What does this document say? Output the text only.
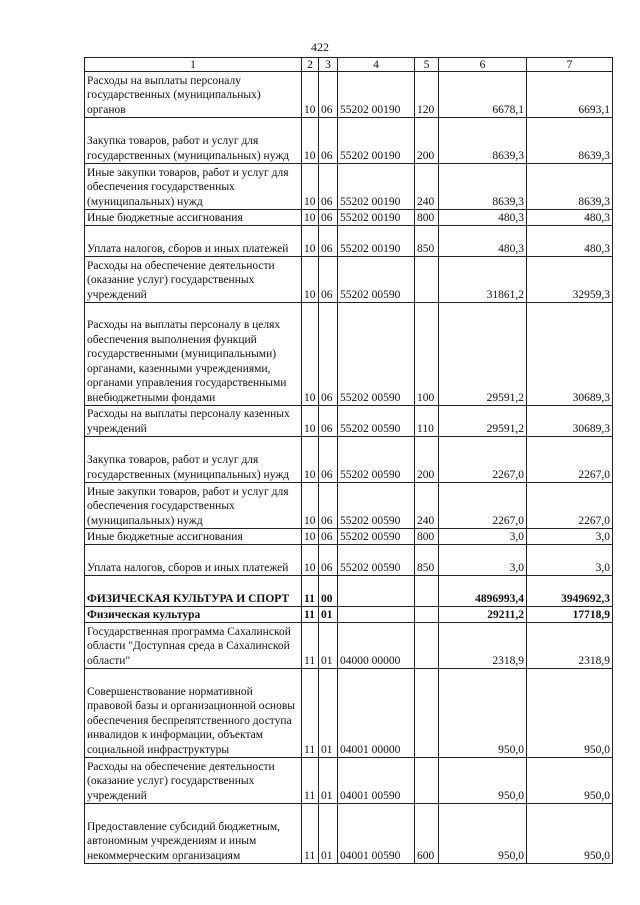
422
1	2	3	4	5	6	7
Расходы на выплаты персоналу государственных (муниципальных) органов	10	06	55202 00190	120	6678,1	6693,1
Закупка товаров, работ и услуг для государственных (муниципальных) нужд	10	06	55202 00190	200	8639,3	8639,3
Иные закупки товаров, работ и услуг для обеспечения государственных (муниципальных) нужд	10	06	55202 00190	240	8639,3	8639,3
Иные бюджетные ассигнования	10	06	55202 00190	800	480,3	480,3
Уплата налогов, сборов и иных платежей	10	06	55202 00190	850	480,3	480,3
Расходы на обеспечение деятельности (оказание услуг) государственных учреждений	10	06	55202 00590		31861,2	32959,3
Расходы на выплаты персоналу в целях обеспечения выполнения функций государственными (муниципальными) органами, казенными учреждениями, органами управления государственными внебюджетными фондами	10	06	55202 00590	100	29591,2	30689,3
Расходы на выплаты персоналу казенных учреждений	10	06	55202 00590	110	29591,2	30689,3
Закупка товаров, работ и услуг для государственных (муниципальных) нужд	10	06	55202 00590	200	2267,0	2267,0
Иные закупки товаров, работ и услуг для обеспечения государственных (муниципальных) нужд	10	06	55202 00590	240	2267,0	2267,0
Иные бюджетные ассигнования	10	06	55202 00590	800	3,0	3,0
Уплата налогов, сборов и иных платежей	10	06	55202 00590	850	3,0	3,0
ФИЗИЧЕСКАЯ КУЛЬТУРА И СПОРТ	11	00			4896993,4	3949692,3
Физическая культура	11	01			29211,2	17718,9
Государственная программа Сахалинской области "Доступная среда в Сахалинской области"	11	01	04000 00000		2318,9	2318,9
Совершенствование нормативной правовой базы и организационной основы обеспечения беспрепятственного доступа инвалидов к информации, объектам социальной инфраструктуры	11	01	04001 00000		950,0	950,0
Расходы на обеспечение деятельности (оказание услуг) государственных учреждений	11	01	04001 00590		950,0	950,0
Предоставление субсидий бюджетным, автономным учреждениям и иным некоммерческим организациям	11	01	04001 00590	600	950,0	950,0
